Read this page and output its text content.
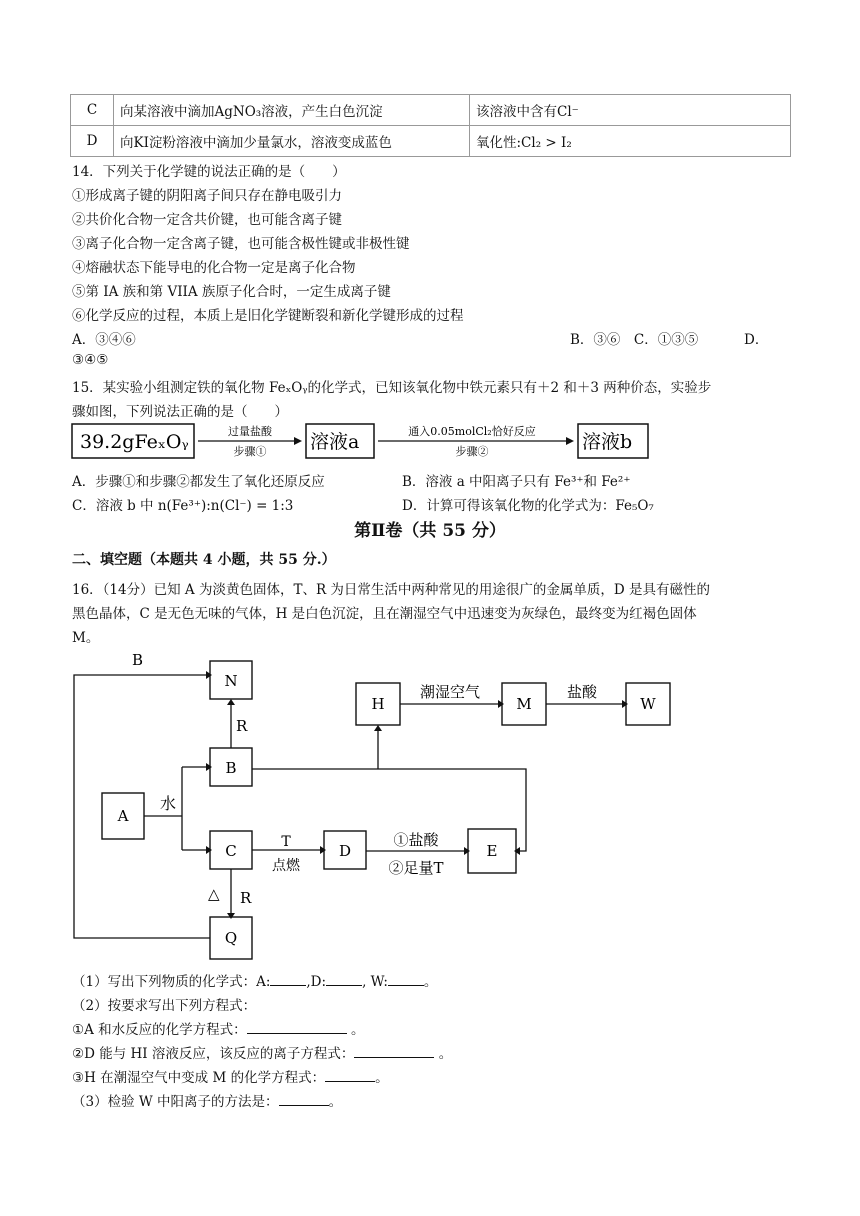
C	向某溶液中滴加AgNO₃溶液，产生白色沉淀	该溶液中含有Cl⁻
D	向KI淀粉溶液中滴加少量氯水，溶液变成蓝色	氧化性:Cl₂ > I₂
14．下列关于化学键的说法正确的是（　　）
①形成离子键的阴阳离子间只存在静电吸引力
②共价化合物一定含共价键，也可能含离子键
③离子化合物一定含离子键，也可能含极性键或非极性键
④熔融状态下能导电的化合物一定是离子化合物
⑤第 IA 族和第 VIIA 族原子化合时，一定生成离子键
⑥化学反应的过程，本质上是旧化学键断裂和新化学键形成的过程
A．③④⑥	B．③⑥　C．①③⑤	D．
③④⑤
15．某实验小组测定铁的氧化物 FeₓOᵧ的化学式，已知该氧化物中铁元素只有＋2 和＋3 两种价态，实验步
骤如图，下列说法正确的是（　　）
39.2gFeₓOᵧ	过量盐酸
步骤① 溶液a	通入0.05molCl₂恰好反应
步骤②	溶液b
A．步骤①和步骤②都发生了氧化还原反应	B．溶液 a 中阳离子只有 Fe³⁺和 Fe²⁺
C．溶液 b 中 n(Fe³⁺):n(Cl⁻) = 1:3	D．计算可得该氧化物的化学式为：Fe₅O₇
第Ⅱ卷（共 55 分）
二、填空题（本题共 4 小题，共 55 分.）
16．（14分）已知 A 为淡黄色固体，T、R 为日常生活中两种常见的用途很广的金属单质，D 是具有磁性的
黑色晶体，C 是无色无味的气体，H 是白色沉淀，且在潮湿空气中迅速变为灰绿色，最终变为红褐色固体
M。
N
B
A
C	D	E
Q
H	M	W
B
R
水
T
点燃
①盐酸
②足量T
潮湿空气	盐酸
△ R
（1）写出下列物质的化学式：A:	,D:	, W:	。
（2）按要求写出下列方程式：
①A 和水反应的化学方程式：	。
②D 能与 HI 溶液反应，该反应的离子方程式：	。
③H 在潮湿空气中变成 M 的化学方程式：	。
（3）检验 W 中阳离子的方法是：	。
